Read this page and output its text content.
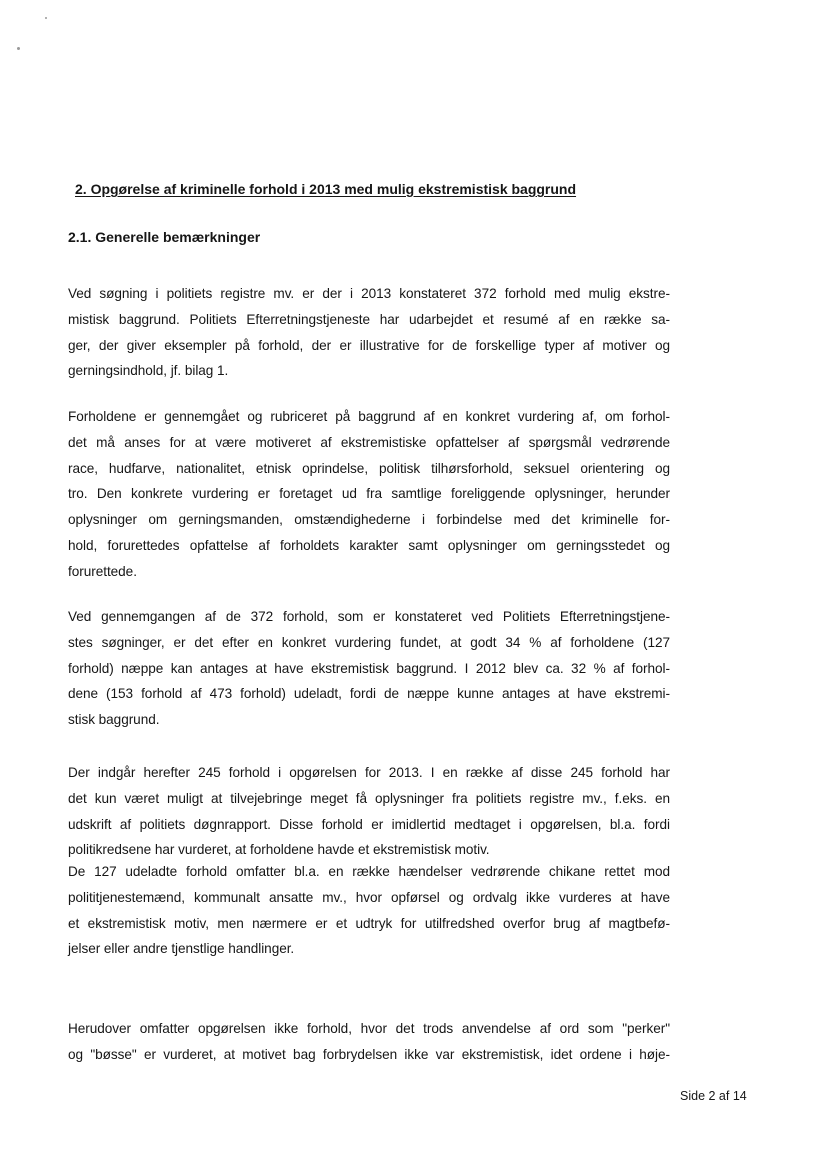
2. Opgørelse af kriminelle forhold i 2013 med mulig ekstremistisk baggrund
2.1. Generelle bemærkninger
Ved søgning i politiets registre mv. er der i 2013 konstateret 372 forhold med mulig ekstre-
mistisk baggrund. Politiets Efterretningstjeneste har udarbejdet et resumé af en række sa-
ger, der giver eksempler på forhold, der er illustrative for de forskellige typer af motiver og
gerningsindhold, jf. bilag 1.
Forholdene er gennemgået og rubriceret på baggrund af en konkret vurdering af, om forhol-
det må anses for at være motiveret af ekstremistiske opfattelser af spørgsmål vedrørende
race, hudfarve, nationalitet, etnisk oprindelse, politisk tilhørsforhold, seksuel orientering og
tro. Den konkrete vurdering er foretaget ud fra samtlige foreliggende oplysninger, herunder
oplysninger om gerningsmanden, omstændighederne i forbindelse med det kriminelle for-
hold, forurettedes opfattelse af forholdets karakter samt oplysninger om gerningsstedet og
forurettede.
Ved gennemgangen af de 372 forhold, som er konstateret ved Politiets Efterretningstjene-
stes søgninger, er det efter en konkret vurdering fundet, at godt 34 % af forholdene (127
forhold) næppe kan antages at have ekstremistisk baggrund. I 2012 blev ca. 32 % af forhol-
dene (153 forhold af 473 forhold) udeladt, fordi de næppe kunne antages at have ekstremi-
stisk baggrund.
Der indgår herefter 245 forhold i opgørelsen for 2013. I en række af disse 245 forhold har
det kun været muligt at tilvejebringe meget få oplysninger fra politiets registre mv., f.eks. en
udskrift af politiets døgnrapport. Disse forhold er imidlertid medtaget i opgørelsen, bl.a. fordi
politikredsene har vurderet, at forholdene havde et ekstremistisk motiv.
De 127 udeladte forhold omfatter bl.a. en række hændelser vedrørende chikane rettet mod
polititjenestemænd, kommunalt ansatte mv., hvor opførsel og ordvalg ikke vurderes at have
et ekstremistisk motiv, men nærmere er et udtryk for utilfredshed overfor brug af magtbefø-
jelser eller andre tjenstlige handlinger.
Herudover omfatter opgørelsen ikke forhold, hvor det trods anvendelse af ord som "perker"
og "bøsse" er vurderet, at motivet bag forbrydelsen ikke var ekstremistisk, idet ordene i høje-

Side 2 af 14
